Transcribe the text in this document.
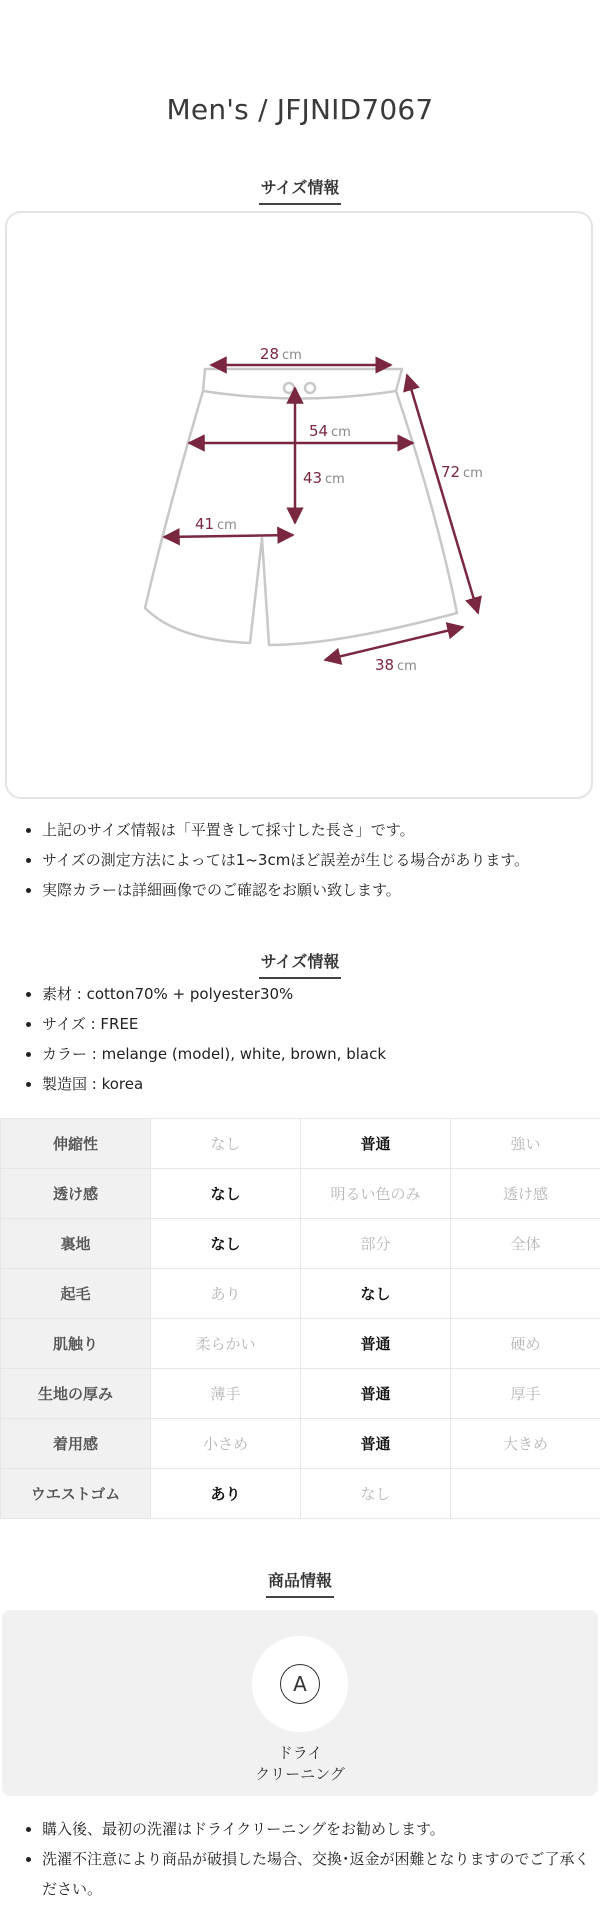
Men's / JFJNID7067
サイズ情報
28 cm
54 cm
43 cm	72 cm
41 cm
38 cm
• 上記のサイズ情報は「平置きして採寸した長さ」です。
• サイズの測定方法によっては1~3cmほど誤差が生じる場合があります。
• 実際カラーは詳細画像でのご確認をお願い致します。
サイズ情報
• 素材 : cotton70% + polyester30%
• サイズ : FREE
• カラー : melange (model), white, brown, black
• 製造国 : korea
伸縮性	なし	普通	強い
透け感	なし	明るい色のみ	透け感
裏地	なし	部分	全体
起毛	あり	なし	
肌触り	柔らかい	普通	硬め
生地の厚み	薄手	普通	厚手
着用感	小さめ	普通	大きめ
ウエストゴム	あり	なし	
商品情報
A
ドライ
クリーニング
• 購入後、最初の洗濯はドライクリーニングをお勧めします。
• 洗濯不注意により商品が破損した場合、交換･返金が困難となりますのでご了承ください。
